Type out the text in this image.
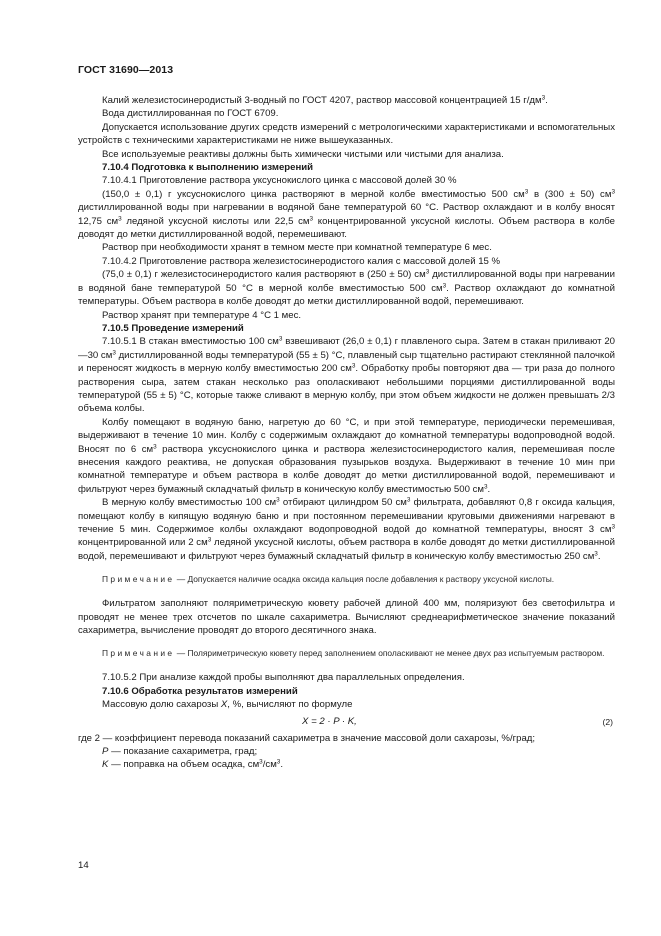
ГОСТ 31690—2013

Калий железистосинеродистый 3-водный по ГОСТ 4207, раствор массовой концентрацией 15 $г/дм^3$.

Вода дистиллированная по ГОСТ 6709.

Допускается использование других средств измерений с метрологическими характеристиками и вспомогательных устройств с техническими характеристиками не ниже вышеуказанных.

Все используемые реактивы должны быть химически чистыми или чистыми для анализа.

7.10.4 Подготовка к выполнению измерений

7.10.4.1 Приготовление раствора уксуснокислого цинка с массовой долей 30 %

(150,0 ± 0,1) г уксуснокислого цинка растворяют в мерной колбе вместимостью 500 $см^3$ в (300 ± 50) $см^3$ дистиллированной воды при нагревании в водяной бане температурой 60 °С. Раствор охлаждают и в колбу вносят 12,75 $см^3$ ледяной уксусной кислоты или 22,5 $см^3$ концентрированной уксусной кислоты. Объем раствора в колбе доводят до метки дистиллированной водой, перемешивают.

Раствор при необходимости хранят в темном месте при комнатной температуре 6 мес.

7.10.4.2 Приготовление раствора железистосинеродистого калия с массовой долей 15 %

(75,0 ± 0,1) г железистосинеродистого калия растворяют в (250 ± 50) $см^3$ дистиллированной воды при нагревании в водяной бане температурой 50 °С в мерной колбе вместимостью 500 $см^3$. Раствор охлаждают до комнатной температуры. Объем раствора в колбе доводят до метки дистиллированной водой, перемешивают.

Раствор хранят при температуре 4 °С 1 мес.

7.10.5 Проведение измерений

7.10.5.1 В стакан вместимостью 100 $см^3$ взвешивают (26,0 ± 0,1) г плавленого сыра. Затем в стакан приливают 20—30 $см^3$ дистиллированной воды температурой (55 ± 5) °С, плавленый сыр тщательно растирают стеклянной палочкой и переносят жидкость в мерную колбу вместимостью 200 $см^3$. Обработку пробы повторяют два — три раза до полного растворения сыра, затем стакан несколько раз ополаскивают небольшими порциями дистиллированной воды температурой (55 ± 5) °С, которые также сливают в мерную колбу, при этом объем жидкости не должен превышать 2/3 объема колбы.

Колбу помещают в водяную баню, нагретую до 60 °С, и при этой температуре, периодически перемешивая, выдерживают в течение 10 мин. Колбу с содержимым охлаждают до комнатной температуры водопроводной водой. Вносят по 6 $см^3$ раствора уксуснокислого цинка и раствора железистосинеродистого калия, перемешивая после внесения каждого реактива, не допуская образования пузырьков воздуха. Выдерживают в течение 10 мин при комнатной температуре и объем раствора в колбе доводят до метки дистиллированной водой, перемешивают и фильтруют через бумажный складчатый фильтр в коническую колбу вместимостью 500 $см^3$.

В мерную колбу вместимостью 100 $см^3$ отбирают цилиндром 50 $см^3$ фильтрата, добавляют 0,8 г оксида кальция, помещают колбу в кипящую водяную баню и при постоянном перемешивании круговыми движениями нагревают в течение 5 мин. Содержимое колбы охлаждают водопроводной водой до комнатной температуры, вносят 3 $см^3$ концентрированной или 2 $см^3$ ледяной уксусной кислоты, объем раствора в колбе доводят до метки дистиллированной водой, перемешивают и фильтруют через бумажный складчатый фильтр в коническую колбу вместимостью 250 $см^3$.

Примечание — Допускается наличие осадка оксида кальция после добавления к раствору уксусной кислоты.

Фильтратом заполняют поляриметрическую кювету рабочей длиной 400 мм, поляризуют без светофильтра и проводят не менее трех отсчетов по шкале сахариметра. Вычисляют среднеарифметическое значение показаний сахариметра, вычисление проводят до второго десятичного знака.

Примечание — Поляриметрическую кювету перед заполнением ополаскивают не менее двух раз испытуемым раствором.

7.10.5.2 При анализе каждой пробы выполняют два параллельных определения.

7.10.6 Обработка результатов измерений

Массовую долю сахарозы X, %, вычисляют по формуле

X = 2 · P · K,	(2)

где 2 — коэффициент перевода показаний сахариметра в значение массовой доли сахарозы, %/град;

P — показание сахариметра, град;

K — поправка на объем осадка, $см^3/см^3$.

14
